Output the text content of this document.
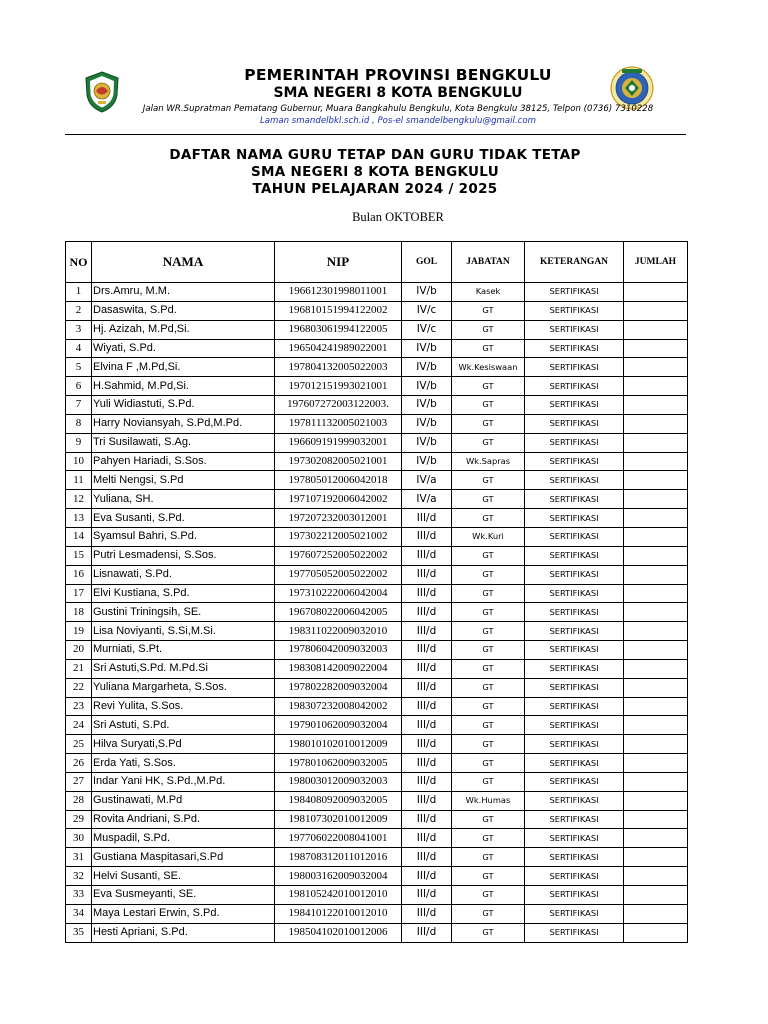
PEMERINTAH PROVINSI BENGKULU
SMA NEGERI 8 KOTA BENGKULU
Jalan WR.Supratman Pematang Gubernur, Muara Bangkahulu Bengkulu, Kota Bengkulu 38125, Telpon (0736) 7310228
Laman smandelbkl.sch.id , Pos-el smandelbengkulu@gmail.com
DAFTAR NAMA GURU TETAP DAN GURU TIDAK TETAP
SMA NEGERI 8 KOTA BENGKULU
TAHUN PELAJARAN 2024 / 2025
Bulan OKTOBER
NO	NAMA	NIP	GOL	JABATAN	KETERANGAN	JUMLAH
1	Drs.Amru, M.M.	196612301998011001	IV/b	Kasek	SERTIFIKASI	
2	Dasaswita, S.Pd.	196810151994122002	IV/c	GT	SERTIFIKASI	
3	Hj. Azizah, M.Pd,Si.	196803061994122005	IV/c	GT	SERTIFIKASI	
4	Wiyati, S.Pd.	196504241989022001	IV/b	GT	SERTIFIKASI	
5	Elvina F ,M.Pd,Si.	197804132005022003	IV/b	Wk.Kesiswaan	SERTIFIKASI	
6	H.Sahmid, M.Pd,Si.	197012151993021001	IV/b	GT	SERTIFIKASI	
7	Yuli Widiastuti, S.Pd.	197607272003122003.	IV/b	GT	SERTIFIKASI	
8	Harry Noviansyah, S.Pd,M.Pd.	197811132005021003	IV/b	GT	SERTIFIKASI	
9	Tri Susilawati, S.Ag.	196609191999032001	IV/b	GT	SERTIFIKASI	
10	Pahyen Hariadi, S.Sos.	197302082005021001	IV/b	Wk.Sapras	SERTIFIKASI	
11	Melti Nengsi, S.Pd	197805012006042018	IV/a	GT	SERTIFIKASI	
12	Yuliana, SH.	197107192006042002	IV/a	GT	SERTIFIKASI	
13	Eva Susanti, S.Pd.	197207232003012001	III/d	GT	SERTIFIKASI	
14	Syamsul Bahri, S.Pd.	197302212005021002	III/d	Wk.Kuri	SERTIFIKASI	
15	Putri Lesmadensi, S.Sos.	197607252005022002	III/d	GT	SERTIFIKASI	
16	Lisnawati, S.Pd.	197705052005022002	III/d	GT	SERTIFIKASI	
17	Elvi Kustiana, S.Pd.	197310222006042004	III/d	GT	SERTIFIKASI	
18	Gustini Triningsih, SE.	196708022006042005	III/d	GT	SERTIFIKASI	
19	Lisa Noviyanti, S.Si,M.Si.	198311022009032010	III/d	GT	SERTIFIKASI	
20	Murniati, S.Pt.	197806042009032003	III/d	GT	SERTIFIKASI	
21	Sri Astuti,S.Pd. M.Pd.Si	198308142009022004	III/d	GT	SERTIFIKASI	
22	Yuliana Margarheta, S.Sos.	197802282009032004	III/d	GT	SERTIFIKASI	
23	Revi Yulita, S.Sos.	198307232008042002	III/d	GT	SERTIFIKASI	
24	Sri Astuti, S.Pd.	197901062009032004	III/d	GT	SERTIFIKASI	
25	Hilva Suryati,S.Pd	198010102010012009	III/d	GT	SERTIFIKASI	
26	Erda Yati, S.Sos.	197801062009032005	III/d	GT	SERTIFIKASI	
27	Indar Yani HK, S.Pd.,M.Pd.	198003012009032003	III/d	GT	SERTIFIKASI	
28	Gustinawati, M.Pd	198408092009032005	III/d	Wk.Humas	SERTIFIKASI	
29	Rovita Andriani, S.Pd.	198107302010012009	III/d	GT	SERTIFIKASI	
30	Muspadil, S.Pd.	197706022008041001	III/d	GT	SERTIFIKASI	
31	Gustiana Maspitasari,S.Pd	198708312011012016	III/d	GT	SERTIFIKASI	
32	Helvi Susanti, SE.	198003162009032004	III/d	GT	SERTIFIKASI	
33	Eva Susmeyanti, SE.	198105242010012010	III/d	GT	SERTIFIKASI	
34	Maya Lestari Erwin, S.Pd.	198410122010012010	III/d	GT	SERTIFIKASI	
35	Hesti Apriani, S.Pd.	198504102010012006	III/d	GT	SERTIFIKASI	
